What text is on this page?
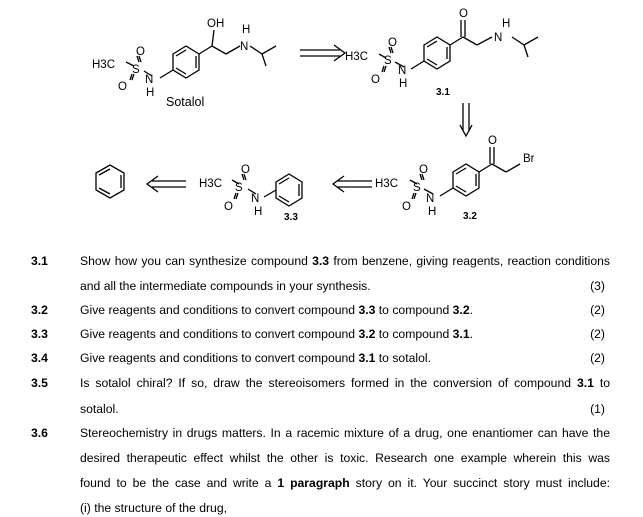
OH H
N
H3C
O
S
O
N
H
Sotalol
O
N
H
H3C
O
S
O
N
H
3.1
O
Br
H3C
O
S
O
N
H	3.2
H3C
O
S
O
N
H 3.3
3.1	Show how you can synthesize compound 3.3 from benzene, giving reagents, reaction conditions
and all the intermediate compounds in your synthesis.	(3)
3.2	Give reagents and conditions to convert compound 3.3 to compound 3.2.	(2)
3.3	Give reagents and conditions to convert compound 3.2 to compound 3.1.	(2)
3.4	Give reagents and conditions to convert compound 3.1 to sotalol.	(2)
3.5	Is sotalol chiral? If so, draw the stereoisomers formed in the conversion of compound 3.1 to
sotalol.	(1)
3.6	Stereochemistry in drugs matters. In a racemic mixture of a drug, one enantiomer can have the
desired therapeutic effect whilst the other is toxic. Research one example wherein this was
found to be the case and write a 1 paragraph story on it. Your succinct story must include:
(i) the structure of the drug,
